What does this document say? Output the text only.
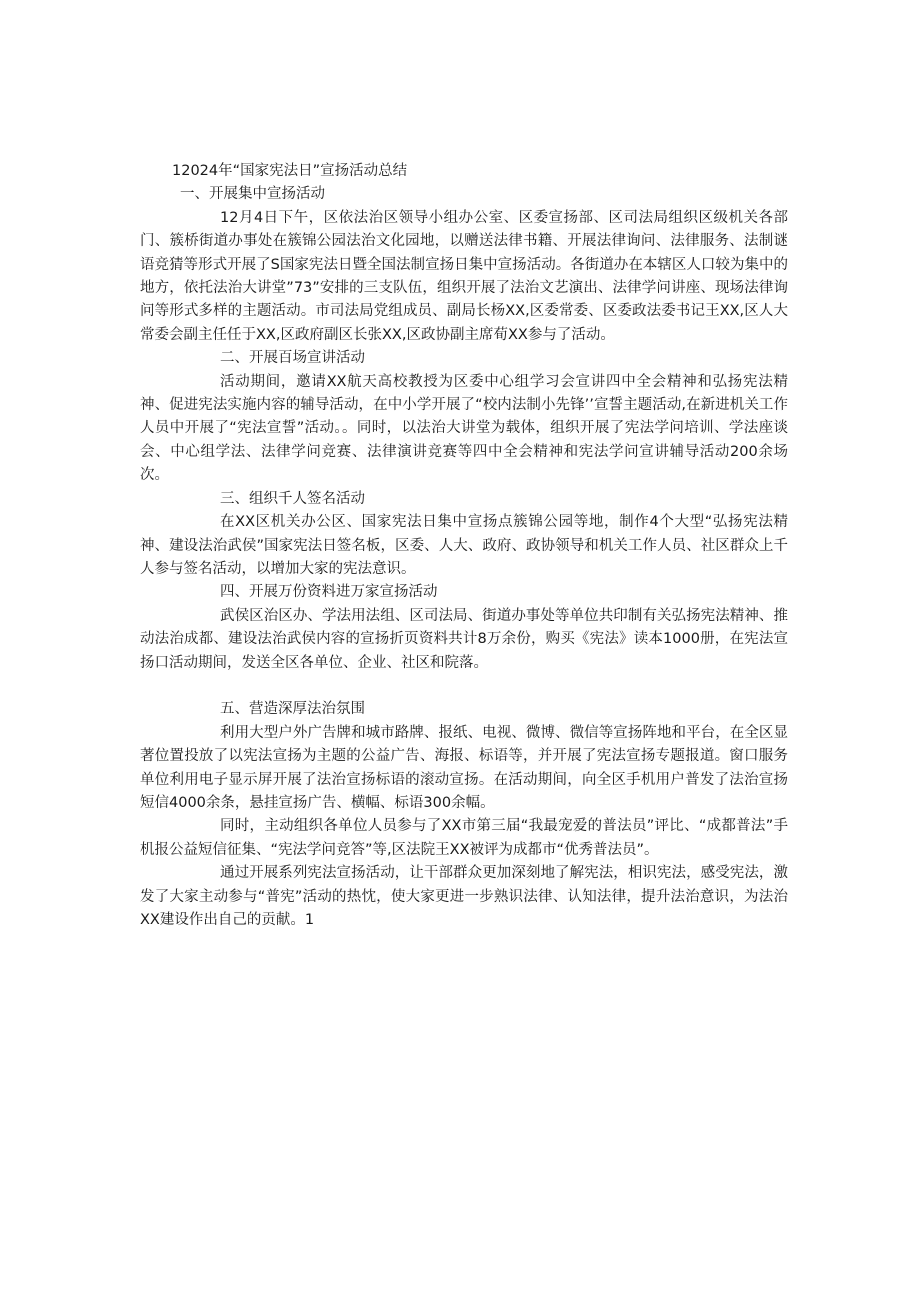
12024年“国家宪法日”宣扬活动总结

一、开展集中宣扬活动

12月4日下午，区依法治区领导小组办公室、区委宣扬部、区司法局组织区级机关各部门、簇桥街道办事处在簇锦公园法治文化园地，以赠送法律书籍、开展法律询问、法律服务、法制谜语竞猜等形式开展了S国家宪法日暨全国法制宣扬日集中宣扬活动。各街道办在本辖区人口较为集中的地方，依托法治大讲堂”73”安排的三支队伍，组织开展了法治文艺演出、法律学问讲座、现场法律询问等形式多样的主题活动。市司法局党组成员、副局长杨XX,区委常委、区委政法委书记王XX,区人大常委会副主任任于XX,区政府副区长张XX,区政协副主席荀XX参与了活动。

二、开展百场宣讲活动

活动期间，邀请XX航天高校教授为区委中心组学习会宣讲四中全会精神和弘扬宪法精神、促进宪法实施内容的辅导活动，在中小学开展了“校内法制小先锋’’宣誓主题活动,在新进机关工作人员中开展了“宪法宣誓”活动。。同时，以法治大讲堂为载体，组织开展了宪法学问培训、学法座谈会、中心组学法、法律学问竞赛、法律演讲竞赛等四中全会精神和宪法学问宣讲辅导活动200余场次。

三、组织千人签名活动

在XX区机关办公区、国家宪法日集中宣扬点簇锦公园等地，制作4个大型“弘扬宪法精神、建设法治武侯”国家宪法日签名板，区委、人大、政府、政协领导和机关工作人员、社区群众上千人参与签名活动，以增加大家的宪法意识。

四、开展万份资料进万家宣扬活动

武侯区治区办、学法用法组、区司法局、街道办事处等单位共印制有关弘扬宪法精神、推动法治成都、建设法治武侯内容的宣扬折页资料共计8万余份，购买《宪法》读本1000册，在宪法宣扬口活动期间，发送全区各单位、企业、社区和院落。

五、营造深厚法治氛围

利用大型户外广告牌和城市路牌、报纸、电视、微博、微信等宣扬阵地和平台，在全区显著位置投放了以宪法宣扬为主题的公益广告、海报、标语等，并开展了宪法宣扬专题报道。窗口服务单位利用电子显示屏开展了法治宣扬标语的滚动宣扬。在活动期间，向全区手机用户普发了法治宣扬短信4000余条，悬挂宣扬广告、横幅、标语300余幅。

同时，主动组织各单位人员参与了XX市第三届“我最宠爱的普法员”评比、“成都普法”手机报公益短信征集、“宪法学问竞答”等,区法院王XX被评为成都市“优秀普法员”。

通过开展系列宪法宣扬活动，让干部群众更加深刻地了解宪法，相识宪法，感受宪法，激发了大家主动参与“普宪”活动的热忱，使大家更进一步熟识法律、认知法律，提升法治意识，为法治XX建设作出自己的贡献。1
